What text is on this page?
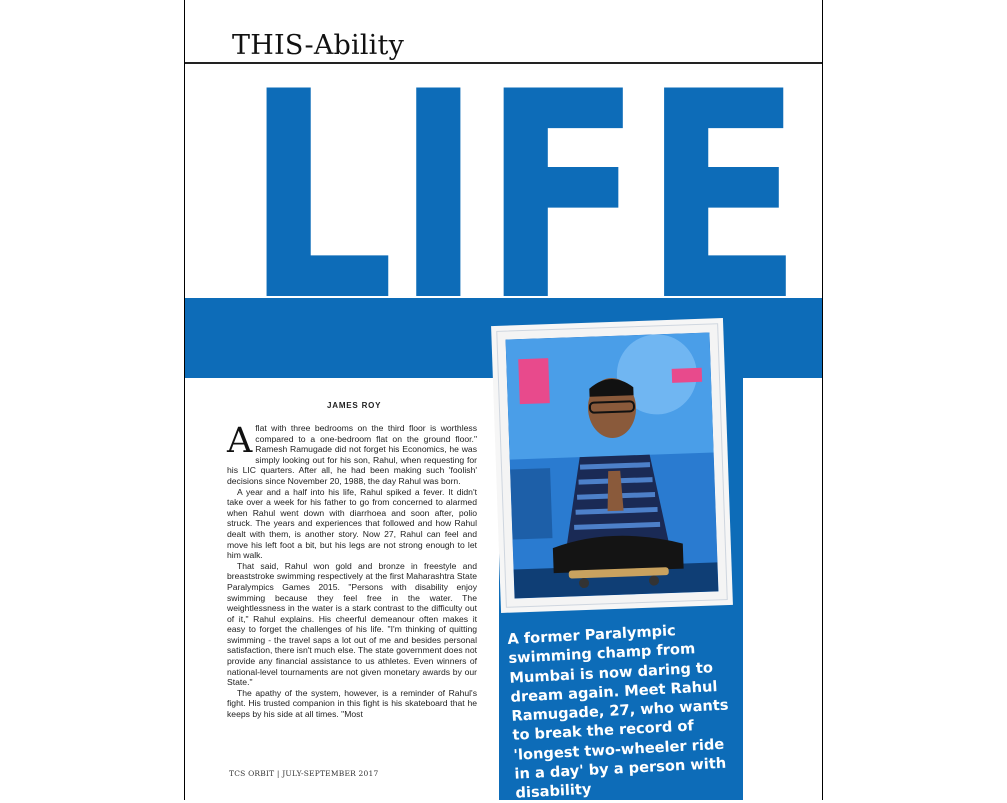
THIS-Ability
LIFE
JAMES ROY

A flat with three bedrooms on the third floor is worthless compared to a one-bedroom flat on the ground floor." Ramesh Ramugade did not forget his Economics, he was simply looking out for his son, Rahul, when requesting for his LIC quarters. After all, he had been making such 'foolish' decisions since November 20, 1988, the day Rahul was born.

A year and a half into his life, Rahul spiked a fever. It didn't take over a week for his father to go from concerned to alarmed when Rahul went down with diarrhoea and soon after, polio struck. The years and experiences that followed and how Rahul dealt with them, is another story. Now 27, Rahul can feel and move his left foot a bit, but his legs are not strong enough to let him walk.

That said, Rahul won gold and bronze in freestyle and breaststroke swimming respectively at the first Maharashtra State Paralympics Games 2015. "Persons with disability enjoy swimming because they feel free in the water. The weightlessness in the water is a stark contrast to the difficulty out of it," Rahul explains. His cheerful demeanour often makes it easy to forget the challenges of his life. "I'm thinking of quitting swimming - the travel saps a lot out of me and besides personal satisfaction, there isn't much else. The state government does not provide any financial assistance to us athletes. Even winners of national-level tournaments are not given monetary awards by our State."

The apathy of the system, however, is a reminder of Rahul's fight. His trusted companion in this fight is his skateboard that he keeps by his side at all times. "Most

TCS ORBIT | JULY-SEPTEMBER 2017
A former Paralympic swimming champ from Mumbai is now daring to dream again. Meet Rahul Ramugade, 27, who wants to break the record of 'longest two-wheeler ride in a day' by a person with disability
